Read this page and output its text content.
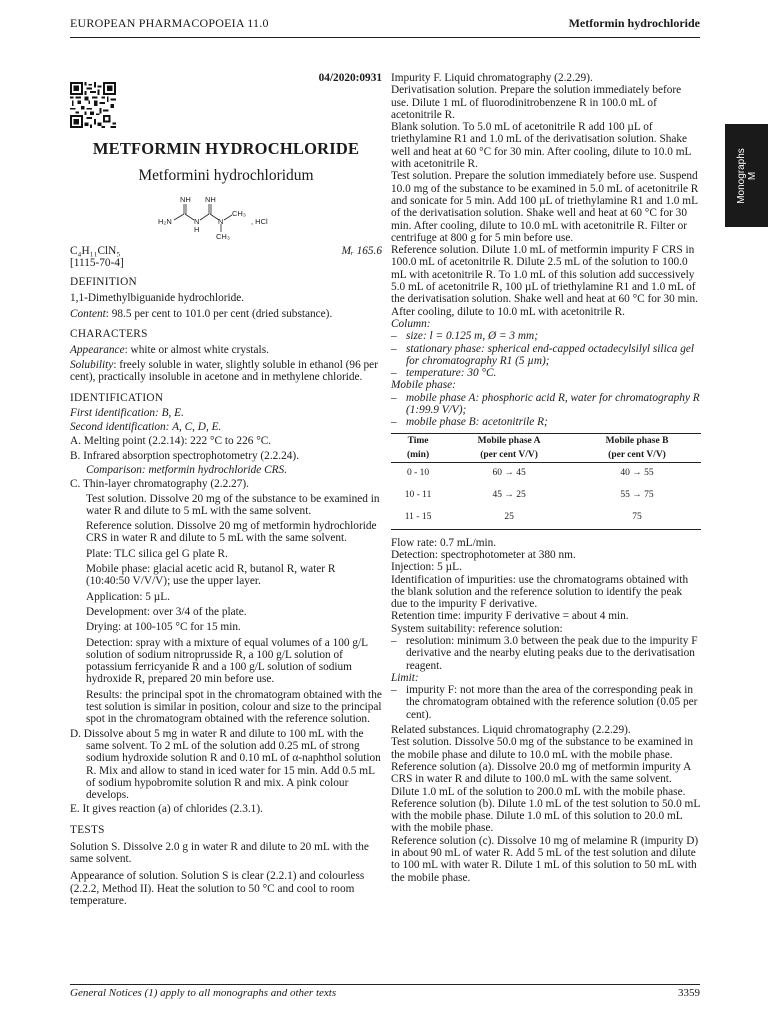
EUROPEAN PHARMACOPOEIA 11.0	Metformin hydrochloride
Monographs
M

04/2020:0931

METFORMIN HYDROCHLORIDE

Metformini hydrochloridum

NH NH
H₂N	N
H
N
CH₃
CH₃
, HCl
C₄H₁₁ClN₅	Mᵣ 165.6

[1115-70-4]

DEFINITION

1,1-Dimethylbiguanide hydrochloride.

Content: 98.5 per cent to 101.0 per cent (dried substance).

CHARACTERS

Appearance: white or almost white crystals.

Solubility: freely soluble in water, slightly soluble in ethanol (96 per cent), practically insoluble in acetone and in methylene chloride.

IDENTIFICATION

First identification: B, E.

Second identification: A, C, D, E.

A. Melting point (2.2.14): 222 °C to 226 °C.

B. Infrared absorption spectrophotometry (2.2.24).

Comparison: metformin hydrochloride CRS.

C. Thin-layer chromatography (2.2.27).

Test solution. Dissolve 20 mg of the substance to be examined in water R and dilute to 5 mL with the same solvent.

Reference solution. Dissolve 20 mg of metformin hydrochloride CRS in water R and dilute to 5 mL with the same solvent.

Plate: TLC silica gel G plate R.

Mobile phase: glacial acetic acid R, butanol R, water R (10:40:50 V/V/V); use the upper layer.

Application: 5 µL.

Development: over 3/4 of the plate.

Drying: at 100-105 °C for 15 min.

Detection: spray with a mixture of equal volumes of a 100 g/L solution of sodium nitroprusside R, a 100 g/L solution of potassium ferricyanide R and a 100 g/L solution of sodium hydroxide R, prepared 20 min before use.

Results: the principal spot in the chromatogram obtained with the test solution is similar in position, colour and size to the principal spot in the chromatogram obtained with the reference solution.

D. Dissolve about 5 mg in water R and dilute to 100 mL with the same solvent. To 2 mL of the solution add 0.25 mL of strong sodium hydroxide solution R and 0.10 mL of α-naphthol solution R. Mix and allow to stand in iced water for 15 min. Add 0.5 mL of sodium hypobromite solution R and mix. A pink colour develops.

E. It gives reaction (a) of chlorides (2.3.1).

TESTS

Solution S. Dissolve 2.0 g in water R and dilute to 20 mL with the same solvent.

Appearance of solution. Solution S is clear (2.2.1) and colourless (2.2.2, Method II). Heat the solution to 50 °C and cool to room temperature.

Impurity F. Liquid chromatography (2.2.29).

Derivatisation solution. Prepare the solution immediately before use. Dilute 1 mL of fluorodinitrobenzene R in 100.0 mL of acetonitrile R.

Blank solution. To 5.0 mL of acetonitrile R add 100 µL of triethylamine R1 and 1.0 mL of the derivatisation solution. Shake well and heat at 60 °C for 30 min. After cooling, dilute to 10.0 mL with acetonitrile R.

Test solution. Prepare the solution immediately before use. Suspend 10.0 mg of the substance to be examined in 5.0 mL of acetonitrile R and sonicate for 5 min. Add 100 µL of triethylamine R1 and 1.0 mL of the derivatisation solution. Shake well and heat at 60 °C for 30 min. After cooling, dilute to 10.0 mL with acetonitrile R. Filter or centrifuge at 800 g for 5 min before use.

Reference solution. Dilute 1.0 mL of metformin impurity F CRS in 100.0 mL of acetonitrile R. Dilute 2.5 mL of the solution to 100.0 mL with acetonitrile R. To 1.0 mL of this solution add successively 5.0 mL of acetonitrile R, 100 µL of triethylamine R1 and 1.0 mL of the derivatisation solution. Shake well and heat at 60 °C for 30 min. After cooling, dilute to 10.0 mL with acetonitrile R.

Column:

– size: l = 0.125 m, Ø = 3 mm;

– stationary phase: spherical end-capped octadecylsilyl silica gel for chromatography R1 (5 µm);

– temperature: 30 °C.

Mobile phase:

– mobile phase A: phosphoric acid R, water for chromatography R (1:99.9 V/V);

– mobile phase B: acetonitrile R;

Time	Mobile phase A	Mobile phase B
(min)	(per cent V/V)	(per cent V/V)
0 - 10	60 → 45	40 → 55
10 - 11	45 → 25	55 → 75
11 - 15	25	75

Flow rate: 0.7 mL/min.

Detection: spectrophotometer at 380 nm.

Injection: 5 µL.

Identification of impurities: use the chromatograms obtained with the blank solution and the reference solution to identify the peak due to the impurity F derivative.

Retention time: impurity F derivative = about 4 min.

System suitability: reference solution:

– resolution: minimum 3.0 between the peak due to the impurity F derivative and the nearby eluting peaks due to the derivatisation reagent.

Limit:

– impurity F: not more than the area of the corresponding peak in the chromatogram obtained with the reference solution (0.05 per cent).

Related substances. Liquid chromatography (2.2.29).

Test solution. Dissolve 50.0 mg of the substance to be examined in the mobile phase and dilute to 10.0 mL with the mobile phase.

Reference solution (a). Dissolve 20.0 mg of metformin impurity A CRS in water R and dilute to 100.0 mL with the same solvent. Dilute 1.0 mL of the solution to 200.0 mL with the mobile phase.

Reference solution (b). Dilute 1.0 mL of the test solution to 50.0 mL with the mobile phase. Dilute 1.0 mL of this solution to 20.0 mL with the mobile phase.

Reference solution (c). Dissolve 10 mg of melamine R (impurity D) in about 90 mL of water R. Add 5 mL of the test solution and dilute to 100 mL with water R. Dilute 1 mL of this solution to 50 mL with the mobile phase.

General Notices (1) apply to all monographs and other texts	3359
